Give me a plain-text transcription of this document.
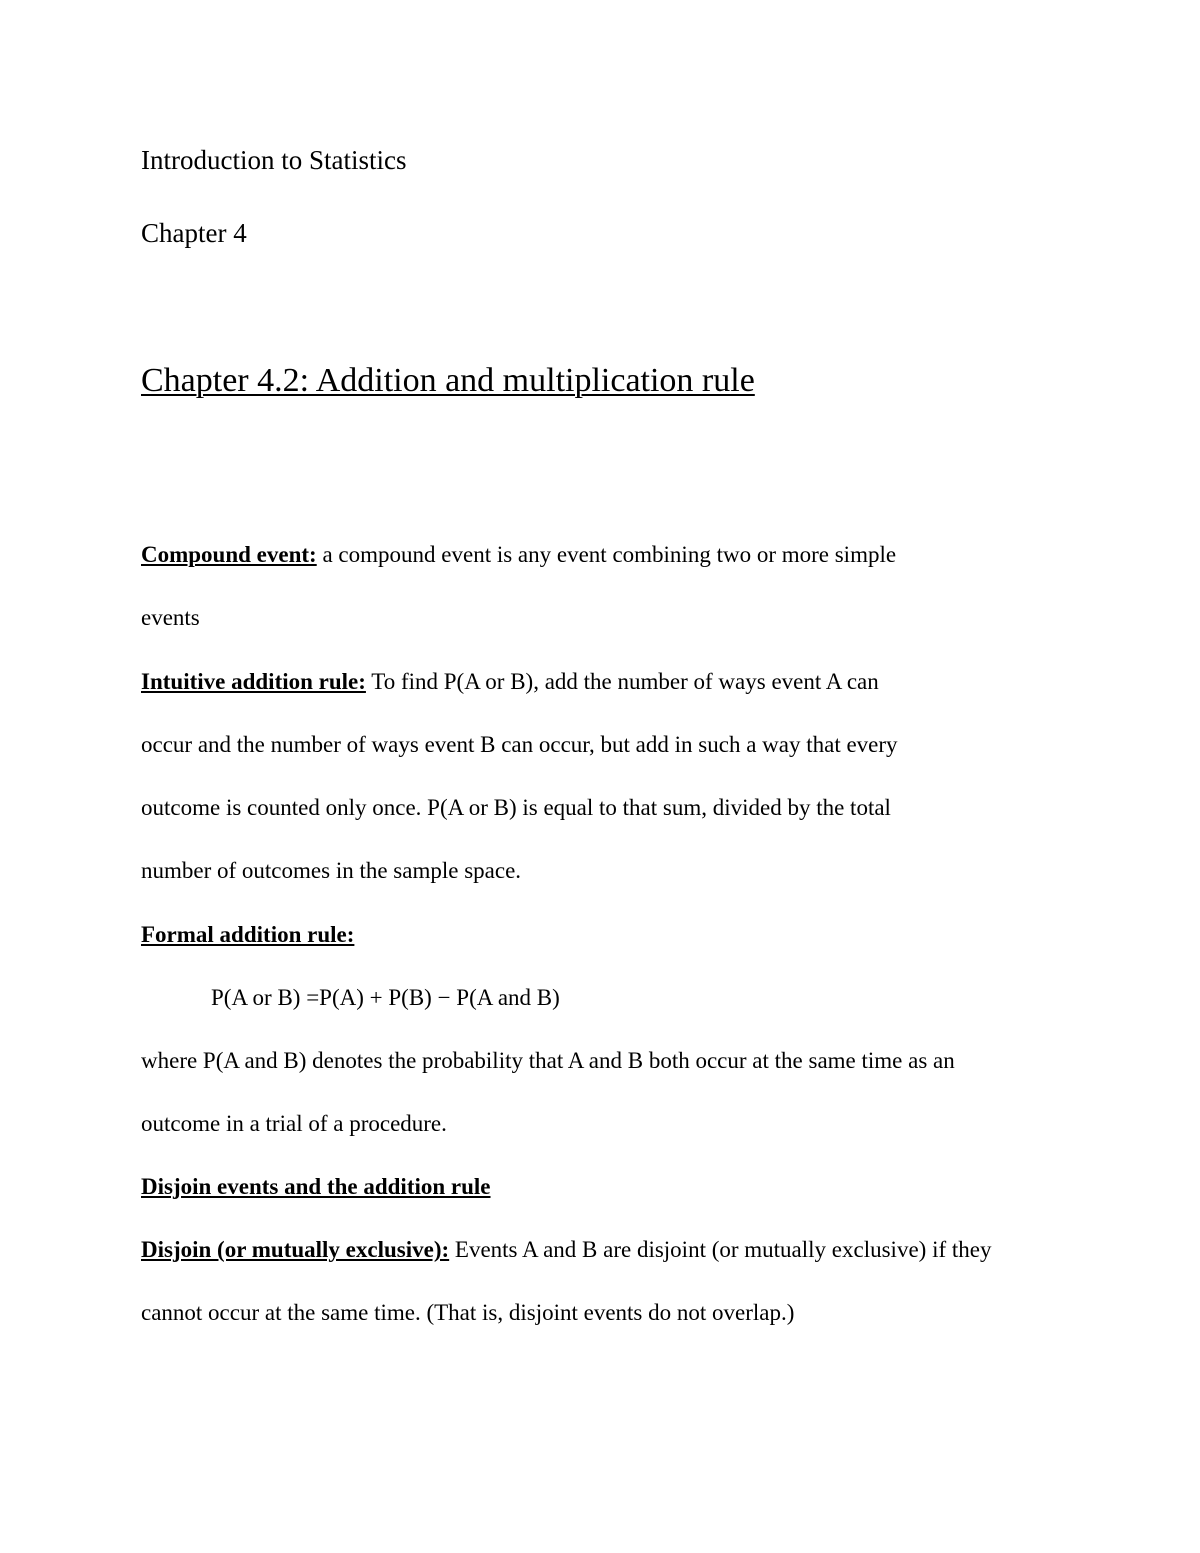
Introduction to Statistics
Chapter 4
Chapter 4.2: Addition and multiplication rule
Compound event: a compound event is any event combining two or more simple
events
Intuitive addition rule: To find P(A or B), add the number of ways event A can
occur and the number of ways event B can occur, but add in such a way that every
outcome is counted only once. P(A or B) is equal to that sum, divided by the total
number of outcomes in the sample space.
Formal addition rule:
P(A or B) =P(A) + P(B) − P(A and B)
where P(A and B) denotes the probability that A and B both occur at the same time as an
outcome in a trial of a procedure.
Disjoin events and the addition rule
Disjoin (or mutually exclusive): Events A and B are disjoint (or mutually exclusive) if they
cannot occur at the same time. (That is, disjoint events do not overlap.)
